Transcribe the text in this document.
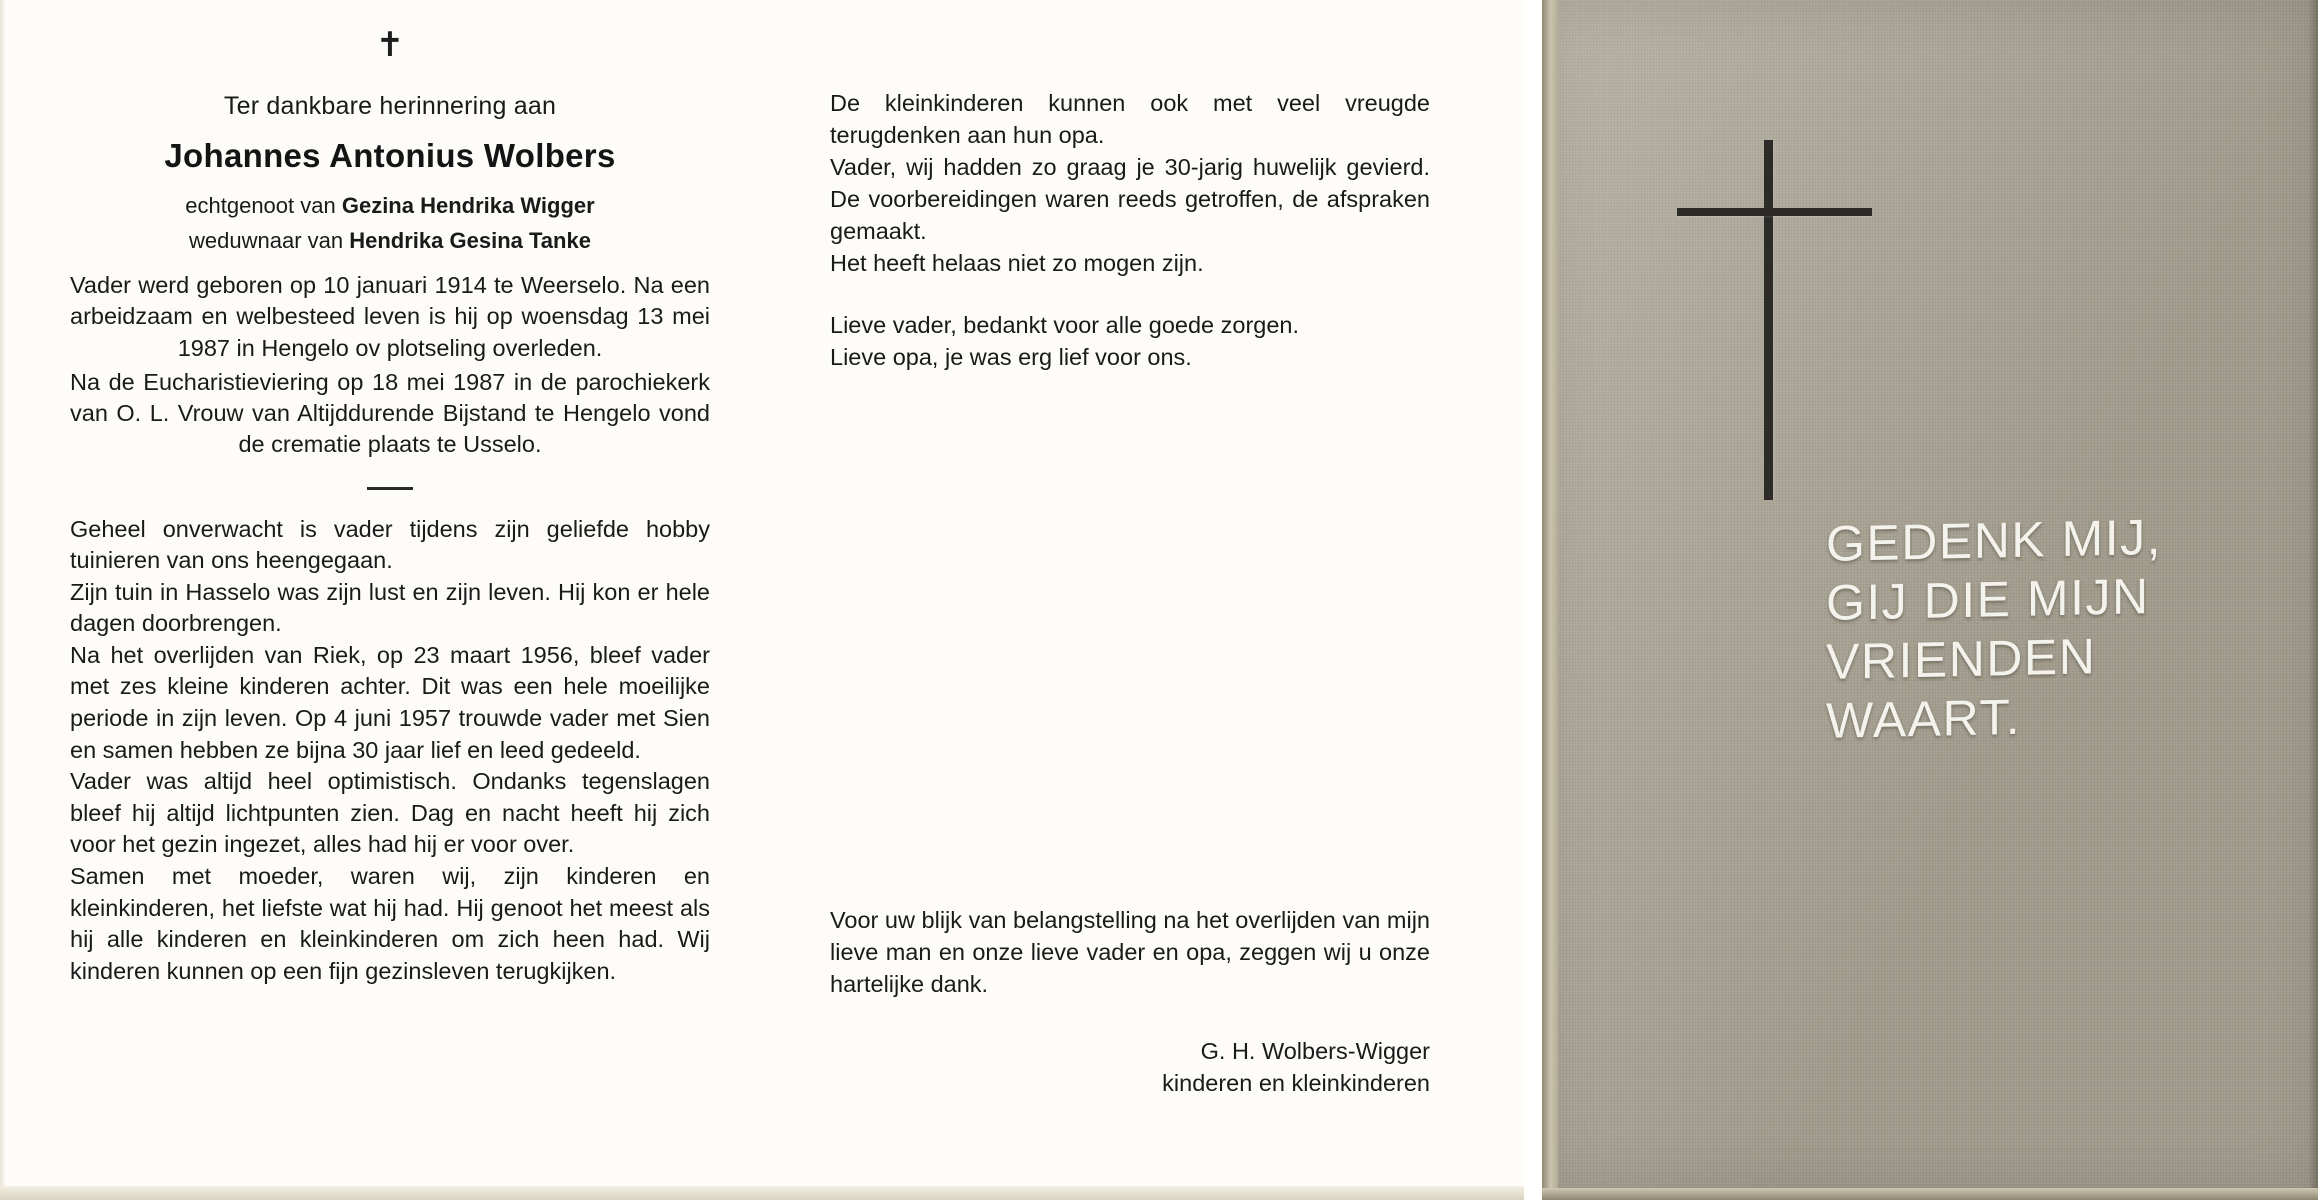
✝
Ter dankbare herinnering aan
Johannes Antonius Wolbers
echtgenoot van Gezina Hendrika Wigger
weduwnaar van Hendrika Gesina Tanke

Vader werd geboren op 10 januari 1914 te Weerselo. Na een arbeidzaam en welbesteed leven is hij op woensdag 13 mei 1987 in Hengelo ov plotseling overleden.

Na de Eucharistieviering op 18 mei 1987 in de parochiekerk van O. L. Vrouw van Altijddurende Bijstand te Hengelo vond de crematie plaats te Usselo.

Geheel onverwacht is vader tijdens zijn geliefde hobby tuinieren van ons heengegaan.

Zijn tuin in Hasselo was zijn lust en zijn leven. Hij kon er hele dagen doorbrengen.

Na het overlijden van Riek, op 23 maart 1956, bleef vader met zes kleine kinderen achter. Dit was een hele moeilijke periode in zijn leven. Op 4 juni 1957 trouwde vader met Sien en samen hebben ze bijna 30 jaar lief en leed gedeeld.

Vader was altijd heel optimistisch. Ondanks tegenslagen bleef hij altijd lichtpunten zien. Dag en nacht heeft hij zich voor het gezin ingezet, alles had hij er voor over.

Samen met moeder, waren wij, zijn kinderen en kleinkinderen, het liefste wat hij had. Hij genoot het meest als hij alle kinderen en kleinkinderen om zich heen had. Wij kinderen kunnen op een fijn gezinsleven terugkijken.

De kleinkinderen kunnen ook met veel vreugde terugdenken aan hun opa.

Vader, wij hadden zo graag je 30-jarig huwelijk gevierd. De voorbereidingen waren reeds getroffen, de afspraken gemaakt.

Het heeft helaas niet zo mogen zijn.

Lieve vader, bedankt voor alle goede zorgen.

Lieve opa, je was erg lief voor ons.

Voor uw blijk van belangstelling na het overlijden van mijn lieve man en onze lieve vader en opa, zeggen wij u onze hartelijke dank.

G. H. Wolbers-Wigger
kinderen en kleinkinderen
GEDENK MIJ,
GIJ DIE MIJN
VRIENDEN
WAART.
